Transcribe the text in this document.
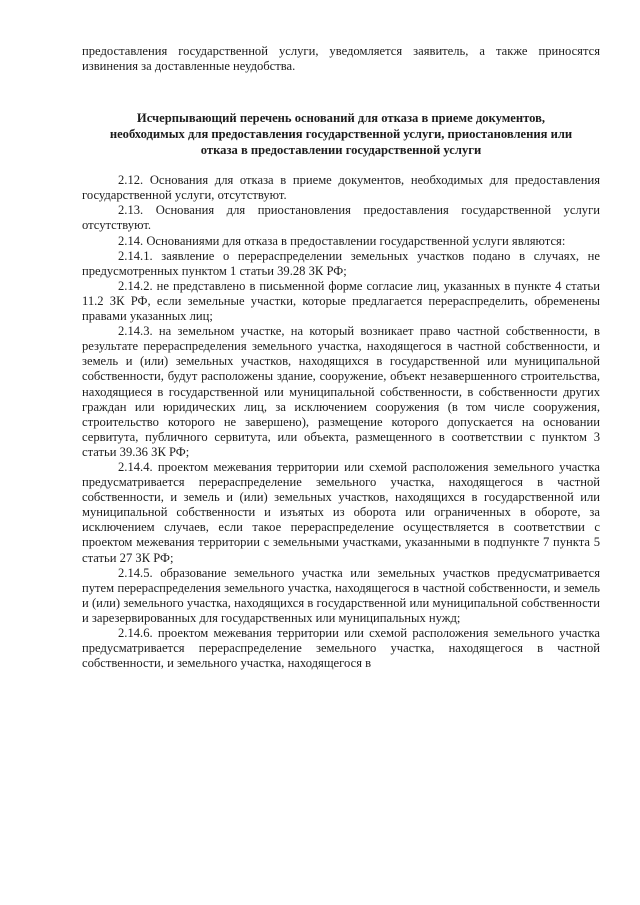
предоставления государственной услуги, уведомляется заявитель, а также приносятся извинения за доставленные неудобства.

Исчерпывающий перечень оснований для отказа в приеме документов, необходимых для предоставления государственной услуги, приостановления или отказа в предоставлении государственной услуги

2.12. Основания для отказа в приеме документов, необходимых для предоставления государственной услуги, отсутствуют.

2.13. Основания для приостановления предоставления государственной услуги отсутствуют.

2.14. Основаниями для отказа в предоставлении государственной услуги являются:

2.14.1. заявление о перераспределении земельных участков подано в случаях, не предусмотренных пунктом 1 статьи 39.28 ЗК РФ;

2.14.2. не представлено в письменной форме согласие лиц, указанных в пункте 4 статьи 11.2 ЗК РФ, если земельные участки, которые предлагается перераспределить, обременены правами указанных лиц;

2.14.3. на земельном участке, на который возникает право частной собственности, в результате перераспределения земельного участка, находящегося в частной собственности, и земель и (или) земельных участков, находящихся в государственной или муниципальной собственности, будут расположены здание, сооружение, объект незавершенного строительства, находящиеся в государственной или муниципальной собственности, в собственности других граждан или юридических лиц, за исключением сооружения (в том числе сооружения, строительство которого не завершено), размещение которого допускается на основании сервитута, публичного сервитута, или объекта, размещенного в соответствии с пунктом 3 статьи 39.36 ЗК РФ;

2.14.4. проектом межевания территории или схемой расположения земельного участка предусматривается перераспределение земельного участка, находящегося в частной собственности, и земель и (или) земельных участков, находящихся в государственной или муниципальной собственности и изъятых из оборота или ограниченных в обороте, за исключением случаев, если такое перераспределение осуществляется в соответствии с проектом межевания территории с земельными участками, указанными в подпункте 7 пункта 5 статьи 27 ЗК РФ;

2.14.5. образование земельного участка или земельных участков предусматривается путем перераспределения земельного участка, находящегося в частной собственности, и земель и (или) земельного участка, находящихся в государственной или муниципальной собственности и зарезервированных для государственных или муниципальных нужд;

2.14.6. проектом межевания территории или схемой расположения земельного участка предусматривается перераспределение земельного участка, находящегося в частной собственности, и земельного участка, находящегося в
